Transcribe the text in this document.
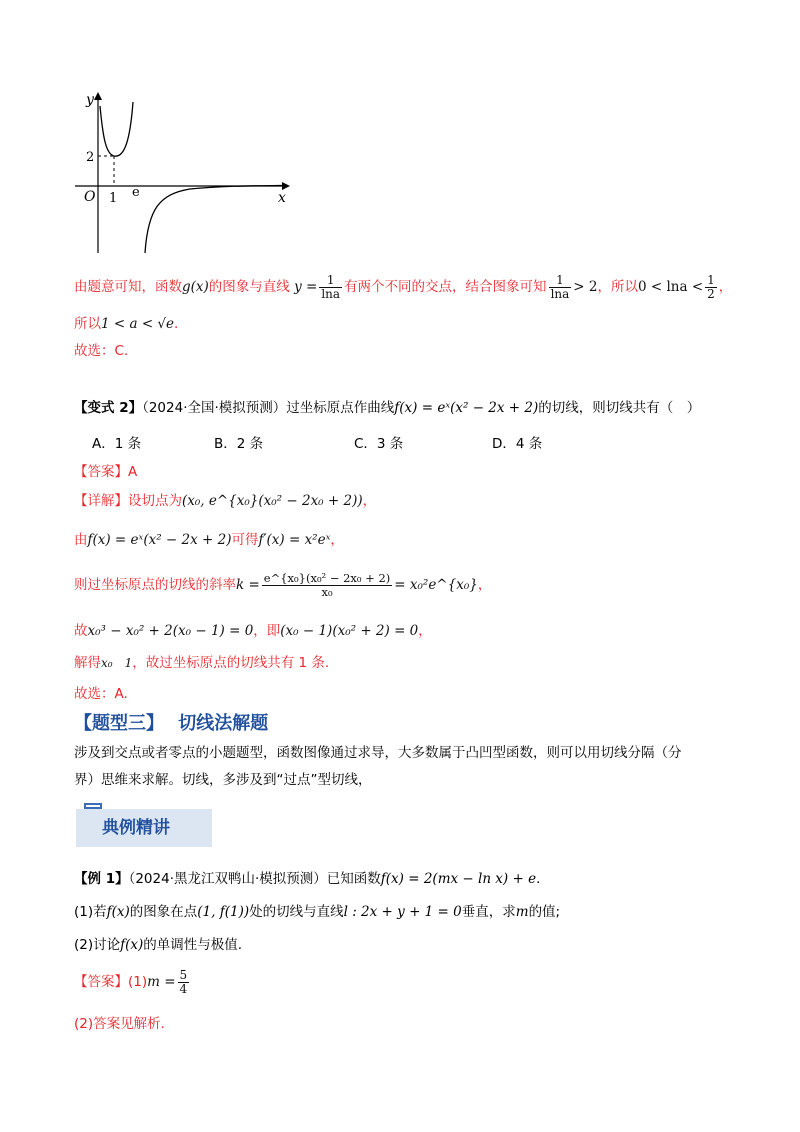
y
x
O 1 e
2
由题意可知，函数g(x)的图象与直线 $y = \frac{1}{\ln a}$ 有两个不同的交点，结合图象可知 $\frac{1}{\ln a} > 2$，所以$0 < \ln a < \frac{1}{2}$ ，
所以1 < a < √e.
故选：C.
【变式 2】（2024·全国·模拟预测）过坐标原点作曲线f(x) = eˣ(x² − 2x + 2)的切线，则切线共有（　）
A．1 条	B．2 条	C．3 条	D．4 条
【答案】A
【详解】设切点为(x₀, e^{x₀}(x₀² − 2x₀ + 2))，
由f(x) = eˣ(x² − 2x + 2)可得f′(x) = x²eˣ，
则过坐标原点的切线的斜率$k = \frac{\text{e\textasciicircum{}\{x₀\}(x₀² − 2x₀ + 2)}}{\text{x₀}}$ = x₀²e^{x₀}，
故x₀³ − x₀² + 2(x₀ − 1) = 0，即(x₀ − 1)(x₀² + 2) = 0，
解得x₀　1，故过坐标原点的切线共有 1 条.
故选：A.
【题型三】 切线法解题
涉及到交点或者零点的小题题型，函数图像通过求导，大多数属于凸凹型函数，则可以用切线分隔（分
界）思维来求解。切线，多涉及到“过点”型切线，
典例精讲
【例 1】（2024·黑龙江双鸭山·模拟预测）已知函数f(x) = 2(mx − ln x) + e.
(1)若f(x)的图象在点(1, f(1))处的切线与直线l : 2x + y + 1 = 0垂直，求m的值;
(2)讨论f(x)的单调性与极值.
【答案】$(1)m = \frac{5}{4}$
(2)答案见解析.
